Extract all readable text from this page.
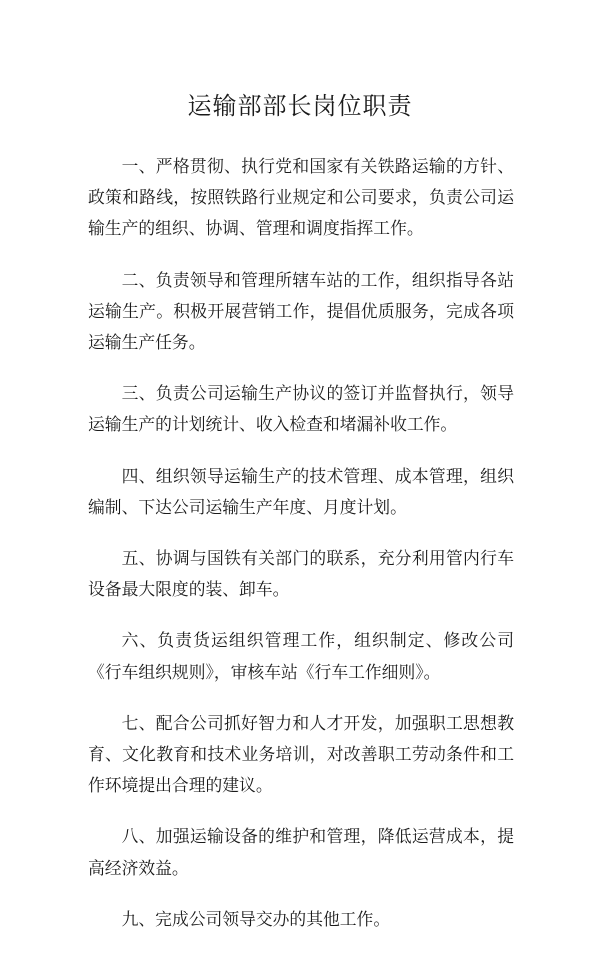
运输部部长岗位职责

一、严格贯彻、执行党和国家有关铁路运输的方针、政策和路线，按照铁路行业规定和公司要求，负责公司运输生产的组织、协调、管理和调度指挥工作。

二、负责领导和管理所辖车站的工作，组织指导各站运输生产。积极开展营销工作，提倡优质服务，完成各项运输生产任务。

三、负责公司运输生产协议的签订并监督执行，领导运输生产的计划统计、收入检查和堵漏补收工作。

四、组织领导运输生产的技术管理、成本管理，组织编制、下达公司运输生产年度、月度计划。

五、协调与国铁有关部门的联系，充分利用管内行车设备最大限度的装、卸车。

六、负责货运组织管理工作，组织制定、修改公司《行车组织规则》，审核车站《行车工作细则》。

七、配合公司抓好智力和人才开发，加强职工思想教育、文化教育和技术业务培训，对改善职工劳动条件和工作环境提出合理的建议。

八、加强运输设备的维护和管理，降低运营成本，提高经济效益。

九、完成公司领导交办的其他工作。
